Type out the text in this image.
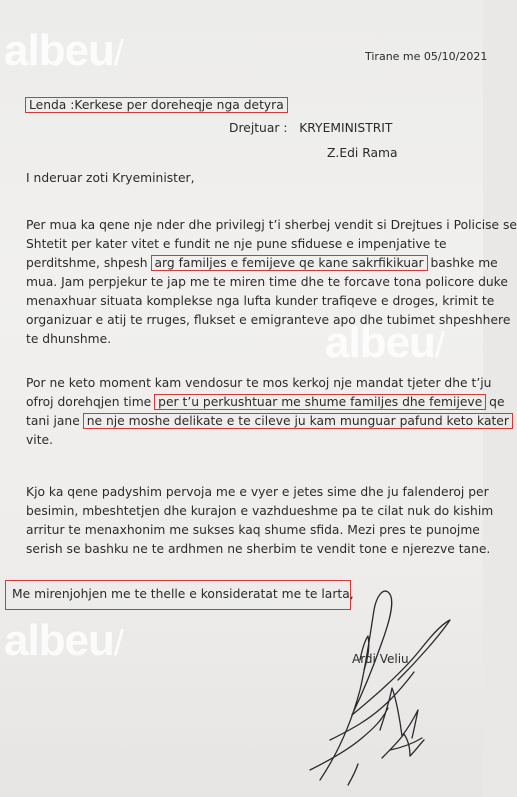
albeu/
albeu/
albeu/
Tirane me 05/10/2021
Lenda :Kerkese per doreheqje nga detyra
Drejtuar : KRYEMINISTRIT
Z.Edi Rama
I nderuar zoti Kryeminister,
Per mua ka qene nje nder dhe privilegj t’i sherbej vendit si Drejtues i Policise se
Shtetit per kater vitet e fundit ne nje pune sfiduese e impenjative te
perditshme, shpesh arg familjes e femijeve qe kane sakrfikikuar bashke me
mua. Jam perpjekur te jap me te miren time dhe te forcave tona policore duke
menaxhuar situata komplekse nga lufta kunder trafiqeve e droges, krimit te
organizuar e atij te rruges, flukset e emigranteve apo dhe tubimet shpeshhere
te dhunshme.
Por ne keto moment kam vendosur te mos kerkoj nje mandat tjeter dhe t’ju
ofroj dorehqjen time per t’u perkushtuar me shume familjes dhe femijeve qe
tani jane ne nje moshe delikate e te cileve ju kam munguar pafund keto kater
vite.
Kjo ka qene padyshim pervoja me e vyer e jetes sime dhe ju falenderoj per
besimin, mbeshtetjen dhe kurajon e vazhdueshme pa te cilat nuk do kishim
arritur te menaxhonim me sukses kaq shume sfida. Mezi pres te punojme
serish se bashku ne te ardhmen ne sherbim te vendit tone e njerezve tane.
Me mirenjohjen me te thelle e konsideratat me te larta,
Ardi Veliu
